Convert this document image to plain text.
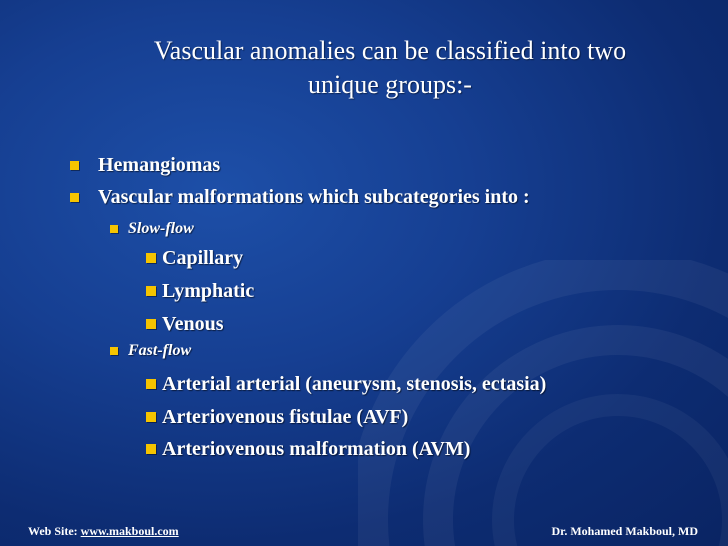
Vascular anomalies can be classified into two
unique groups:-
Hemangiomas
Vascular malformations which subcategories into :
Slow-flow
Capillary
Lymphatic
Venous
Fast-flow
Arterial arterial (aneurysm, stenosis, ectasia)
Arteriovenous fistulae (AVF)
Arteriovenous malformation (AVM)
Web Site: www.makboul.com	Dr. Mohamed Makboul, MD
